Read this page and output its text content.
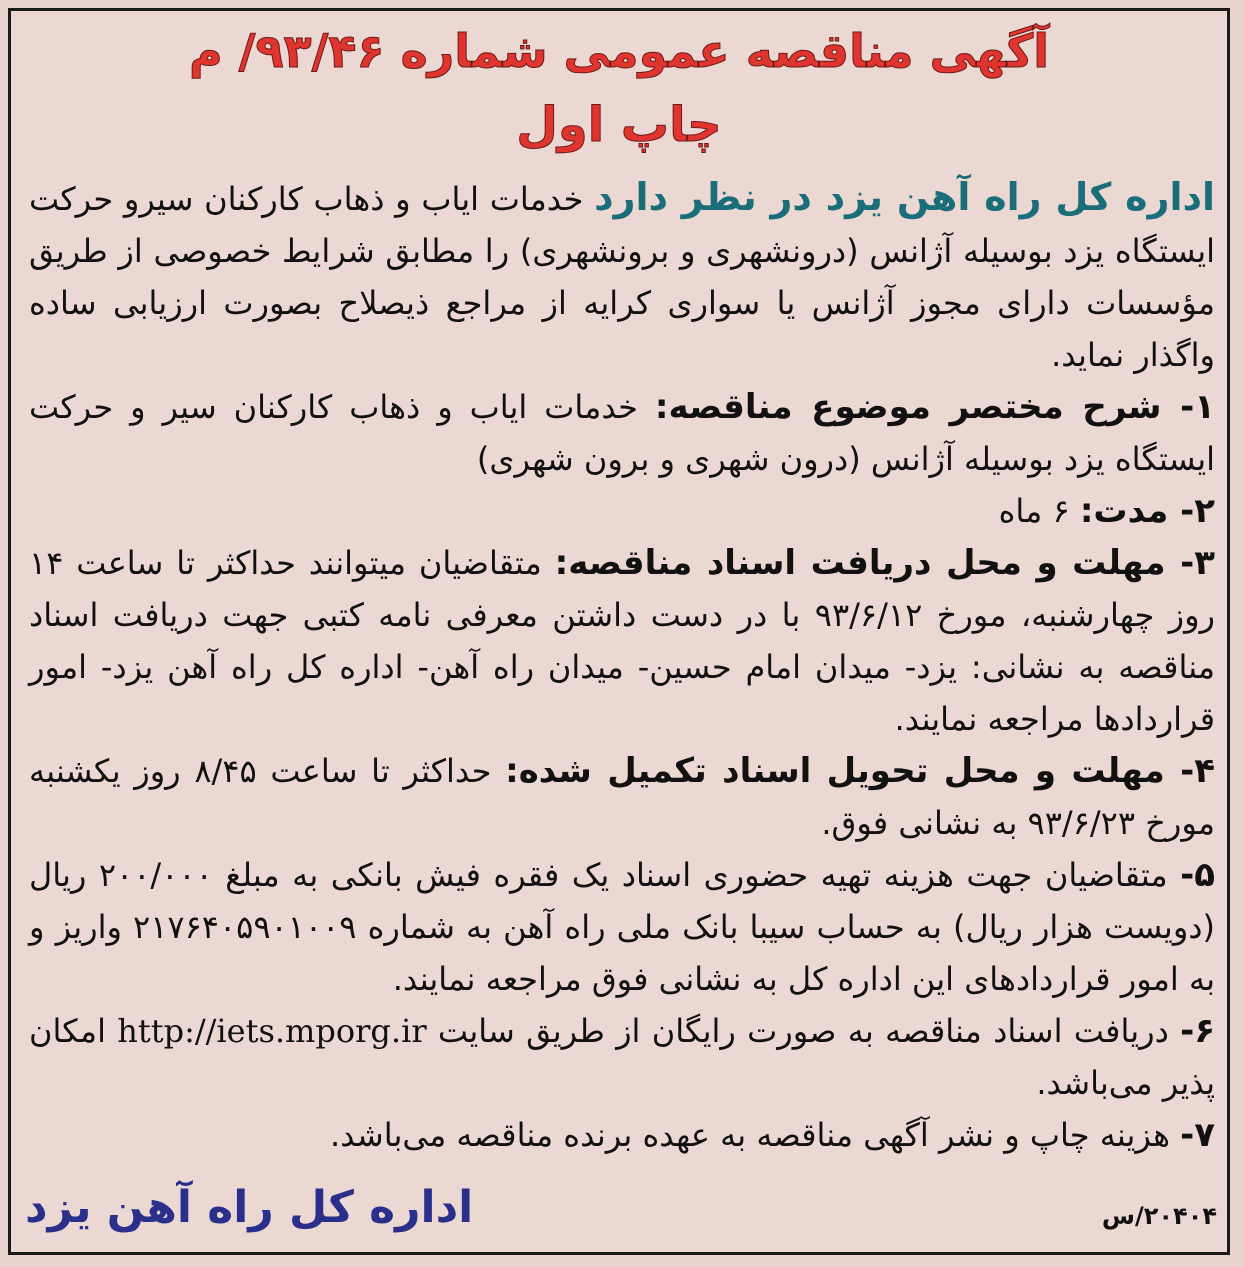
آگهی مناقصه عمومی شماره ۹۳/۴۶/ م
چاپ اول

اداره کل راه آهن یزد در نظر دارد خدمات ایاب و ذهاب کارکنان سیرو حرکت ایستگاه یزد بوسیله آژانس (درونشهری و برونشهری) را مطابق شرایط خصوصی از طریق مؤسسات دارای مجوز آژانس یا سواری کرایه از مراجع ذیصلاح بصورت ارزیابی ساده واگذار نماید.

۱- شرح مختصر موضوع مناقصه: خدمات ایاب و ذهاب کارکنان سیر و حرکت ایستگاه یزد بوسیله آژانس (درون شهری و برون شهری)

۲- مدت: ۶ ماه

۳- مهلت و محل دریافت اسناد مناقصه: متقاضیان میتوانند حداکثر تا ساعت ۱۴ روز چهارشنبه، مورخ ۹۳/۶/۱۲ با در دست داشتن معرفی نامه کتبی جهت دریافت اسناد مناقصه به نشانی: یزد- میدان امام حسین- میدان راه آهن- اداره کل راه آهن یزد- امور قراردادها مراجعه نمایند.

۴- مهلت و محل تحویل اسناد تکمیل شده: حداکثر تا ساعت ۸/۴۵ روز یکشنبه مورخ ۹۳/۶/۲۳ به نشانی فوق.

۵- متقاضیان جهت هزینه تهیه حضوری اسناد یک فقره فیش بانکی به مبلغ ۲۰۰/۰۰۰ ریال (دویست هزار ریال) به حساب سیبا بانک ملی راه آهن به شماره ۲۱۷۶۴۰۵۹۰۱۰۰۹ واریز و به امور قراردادهای این اداره کل به نشانی فوق مراجعه نمایند.

۶- دریافت اسناد مناقصه به صورت رایگان از طریق سایت http://iets.mporg.ir امکان پذیر می‌باشد.

۷- هزینه چاپ و نشر آگهی مناقصه به عهده برنده مناقصه می‌باشد.

۲۰۴۰۴/س
اداره کل راه آهن یزد
